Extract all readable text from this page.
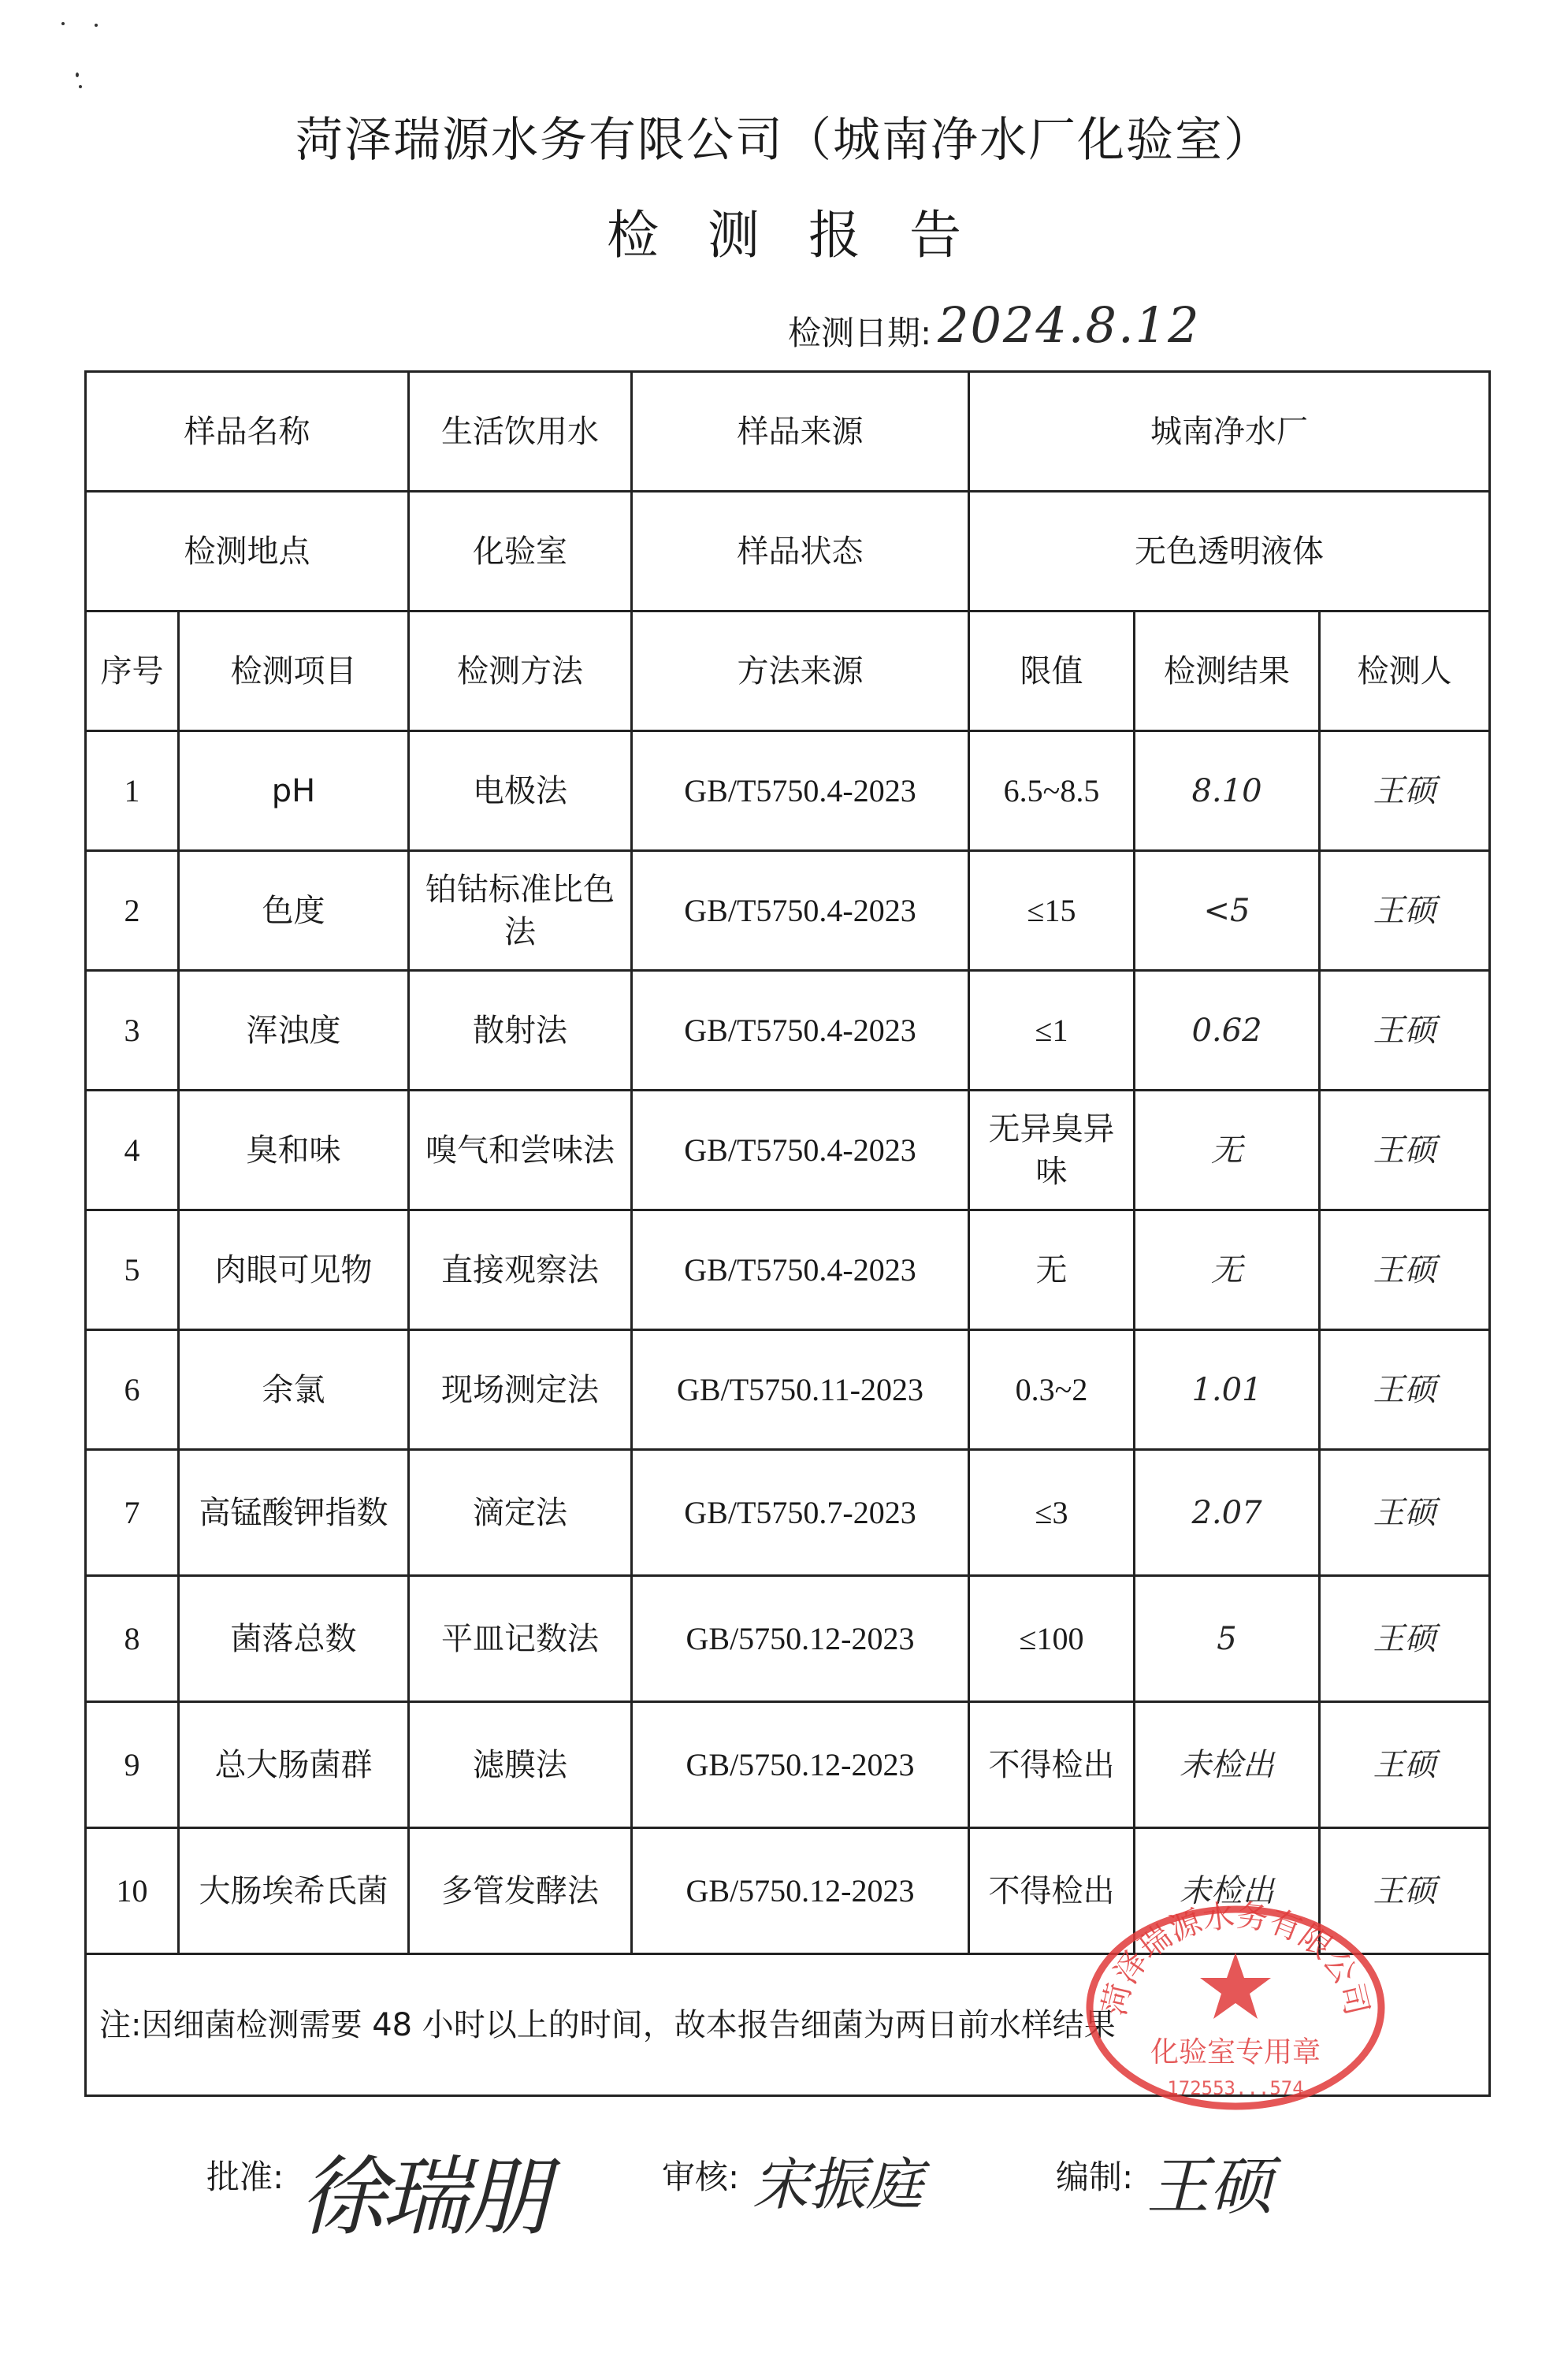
菏泽瑞源水务有限公司（城南净水厂化验室）
检测报告
检测日期: 2024.8.12
样品名称		生活饮用水	样品来源	城南净水厂		
检测地点		化验室	样品状态	无色透明液体		
序号	检测项目	检测方法	方法来源	限值	检测结果	检测人
1	pH	电极法	GB/T5750.4-2023	6.5~8.5	8.10	王硕
2	色度	铂钴标准比色法	GB/T5750.4-2023	≤15	<5	王硕
3	浑浊度	散射法	GB/T5750.4-2023	≤1	0.62	王硕
4	臭和味	嗅气和尝味法	GB/T5750.4-2023	无异臭异味	无	王硕
5	肉眼可见物	直接观察法	GB/T5750.4-2023	无	无	王硕
6	余氯	现场测定法	GB/T5750.11-2023	0.3~2	1.01	王硕
7	高锰酸钾指数	滴定法	GB/T5750.7-2023	≤3	2.07	王硕
8	菌落总数	平皿记数法	GB/5750.12-2023	≤100	5	王硕
9	总大肠菌群	滤膜法	GB/5750.12-2023	不得检出	未检出	王硕
10	大肠埃希氏菌	多管发酵法	GB/5750.12-2023	不得检出	未检出	王硕
注:因细菌检测需要 48 小时以上的时间，故本报告细菌为两日前水样结果						
菏泽瑞源水务有限公司
化验室专用章
172553...574
批准: 徐瑞朋	审核: 宋振庭	编制: 王硕
